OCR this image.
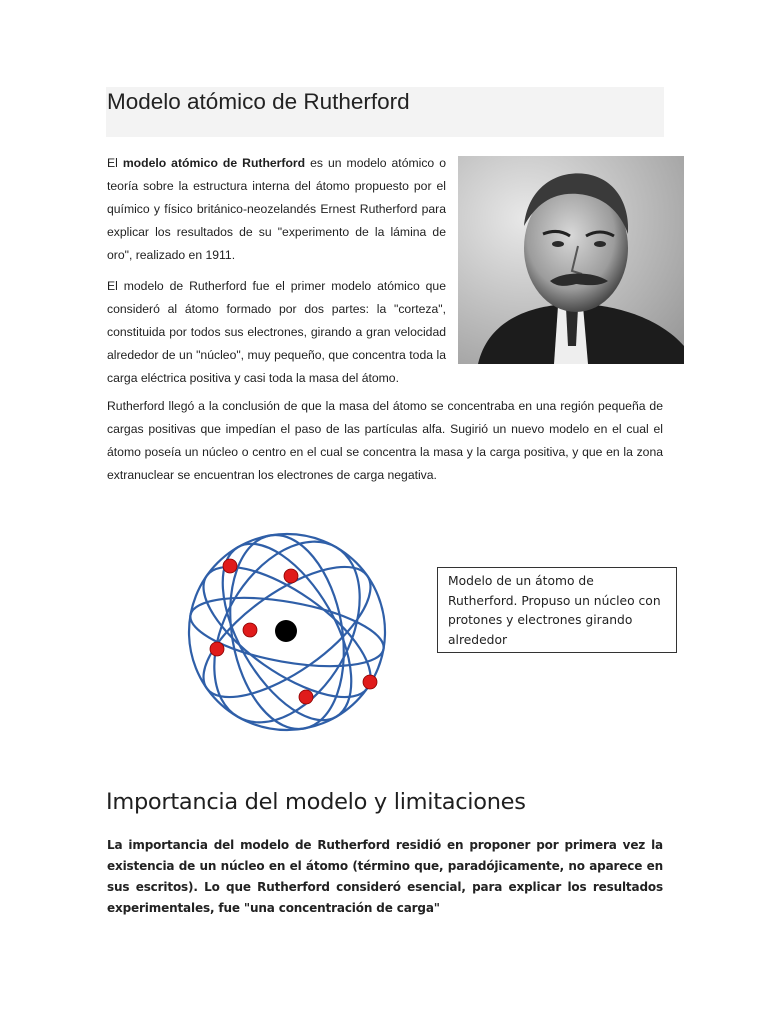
Modelo atómico de Rutherford

El modelo atómico de Rutherford es un modelo atómico o teoría sobre la estructura interna del átomo propuesto por el químico y físico británico-neozelandés Ernest Rutherford para explicar los resultados de su "experimento de la lámina de oro", realizado en 1911.

El modelo de Rutherford fue el primer modelo atómico que consideró al átomo formado por dos partes: la "corteza", constituida por todos sus electrones, girando a gran velocidad alrededor de un "núcleo", muy pequeño, que concentra toda la carga eléctrica positiva y casi toda la masa del átomo.

Rutherford llegó a la conclusión de que la masa del átomo se concentraba en una región pequeña de cargas positivas que impedían el paso de las partículas alfa. Sugirió un nuevo modelo en el cual el átomo poseía un núcleo o centro en el cual se concentra la masa y la carga positiva, y que en la zona extranuclear se encuentran los electrones de carga negativa.

Modelo de un átomo de Rutherford. Propuso un núcleo con protones y electrones girando alrededor
Importancia del modelo y limitaciones

La importancia del modelo de Rutherford residió en proponer por primera vez la existencia de un núcleo en el átomo (término que, paradójicamente, no aparece en sus escritos). Lo que Rutherford consideró esencial, para explicar los resultados experimentales, fue "una concentración de carga"
